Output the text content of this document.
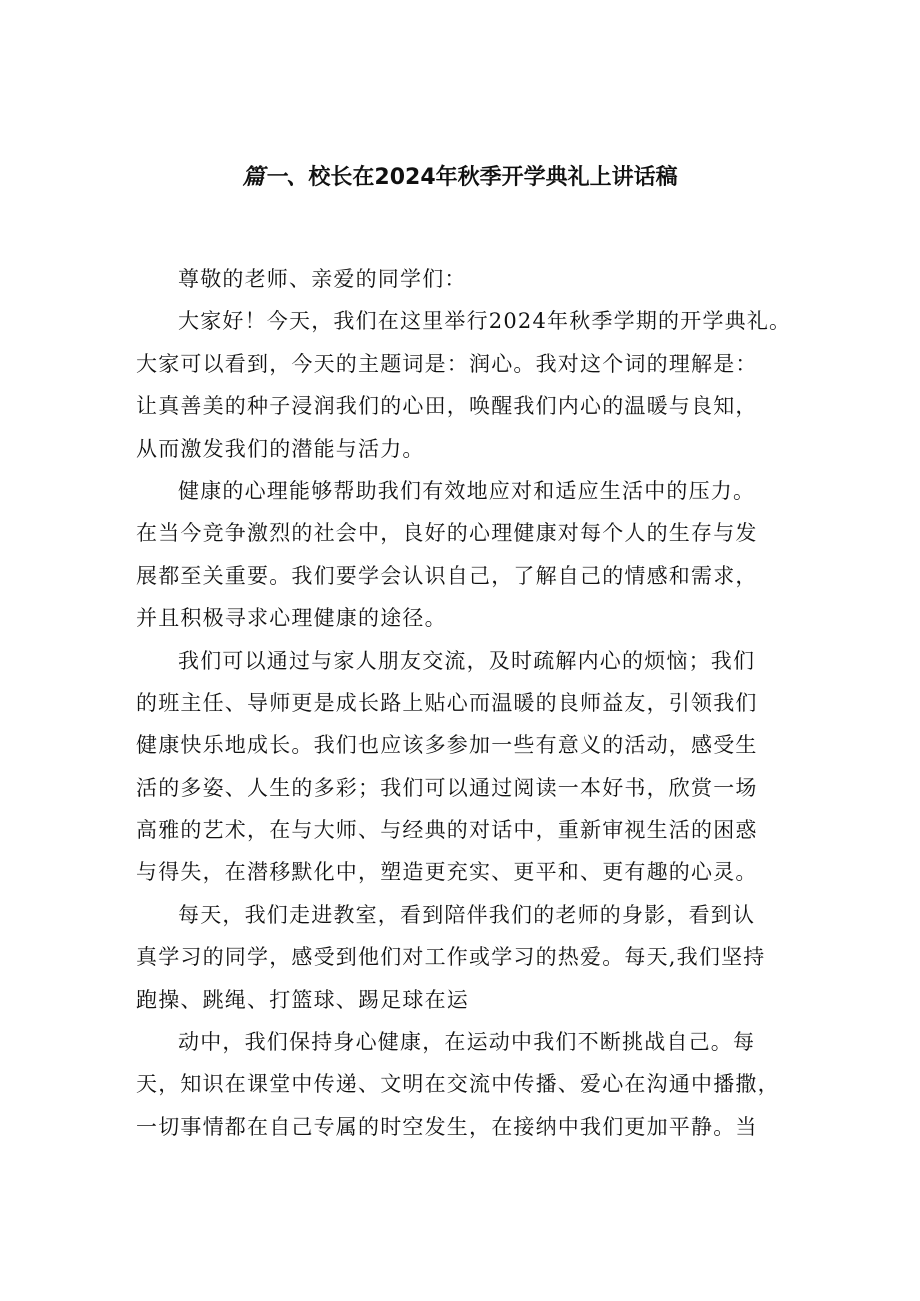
篇一、校长在2024年秋季开学典礼上讲话稿
尊敬的老师、亲爱的同学们：
大家好！今天，我们在这里举行2024年秋季学期的开学典礼。
大家可以看到，今天的主题词是：润心。我对这个词的理解是：
让真善美的种子浸润我们的心田，唤醒我们内心的温暖与良知，
从而激发我们的潜能与活力。
健康的心理能够帮助我们有效地应对和适应生活中的压力。
在当今竞争激烈的社会中，良好的心理健康对每个人的生存与发
展都至关重要。我们要学会认识自己，了解自己的情感和需求，
并且积极寻求心理健康的途径。
我们可以通过与家人朋友交流，及时疏解内心的烦恼；我们
的班主任、导师更是成长路上贴心而温暖的良师益友，引领我们
健康快乐地成长。我们也应该多参加一些有意义的活动，感受生
活的多姿、人生的多彩；我们可以通过阅读一本好书，欣赏一场
高雅的艺术，在与大师、与经典的对话中，重新审视生活的困惑
与得失，在潜移默化中，塑造更充实、更平和、更有趣的心灵。
每天，我们走进教室，看到陪伴我们的老师的身影，看到认
真学习的同学，感受到他们对工作或学习的热爱。每天,我们坚持
跑操、跳绳、打篮球、踢足球在运
动中，我们保持身心健康，在运动中我们不断挑战自己。每
天，知识在课堂中传递、文明在交流中传播、爱心在沟通中播撒，
一切事情都在自己专属的时空发生，在接纳中我们更加平静。当
